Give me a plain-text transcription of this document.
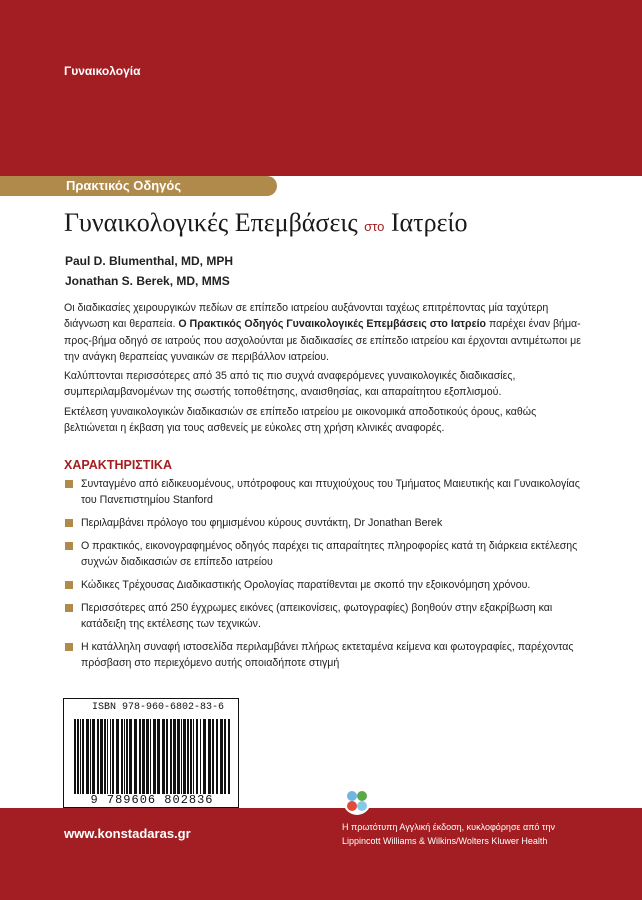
Γυναικολογία
Πρακτικός Οδηγός
Γυναικολογικές Επεμβάσεις στο Ιατρείο
Paul D. Blumenthal, MD, MPH
Jonathan S. Berek, MD, MMS

Οι διαδικασίες χειρουργικών πεδίων σε επίπεδο ιατρείου αυξάνονται ταχέως επιτρέποντας μία ταχύτερη διάγνωση και θεραπεία. Ο Πρακτικός Οδηγός Γυναικολογικές Επεμβάσεις στο Ιατρείο παρέχει έναν βήμα-προς-βήμα οδηγό σε ιατρούς που ασχολούνται με διαδικασίες σε επίπεδο ιατρείου και έρχονται αντιμέτωποι με την ανάγκη θεραπείας γυναικών σε περιβάλλον ιατρείου.

Καλύπτονται περισσότερες από 35 από τις πιο συχνά αναφερόμενες γυναικολογικές διαδικασίες, συμπεριλαμβανομένων της σωστής τοποθέτησης, αναισθησίας, και απαραίτητου εξοπλισμού.

Εκτέλεση γυναικολογικών διαδικασιών σε επίπεδο ιατρείου με οικονομικά αποδοτικούς όρους, καθώς βελτιώνεται η έκβαση για τους ασθενείς με εύκολες στη χρήση κλινικές αναφορές.

ΧΑΡΑΚΤΗΡΙΣΤΙΚΑ
Συνταγμένο από ειδικευομένους, υπότροφους και πτυχιούχους του Τμήματος Μαιευτικής και Γυναικολογίας του Πανεπιστημίου Stanford
Περιλαμβάνει πρόλογο του φημισμένου κύρους συντάκτη, Dr Jonathan Berek
Ο πρακτικός, εικονογραφημένος οδηγός παρέχει τις απαραίτητες πληροφορίες κατά τη διάρκεια εκτέλεσης συχνών διαδικασιών σε επίπεδο ιατρείου
Κώδικες Τρέχουσας Διαδικαστικής Ορολογίας παρατίθενται με σκοπό την εξοικονόμηση χρόνου.
Περισσότερες από 250 έγχρωμες εικόνες (απεικονίσεις, φωτογραφίες) βοηθούν στην εξακρίβωση και κατάδειξη της εκτέλεσης των τεχνικών.
Η κατάλληλη συναφή ιστοσελίδα περιλαμβάνει πλήρως εκτεταμένα κείμενα και φωτογραφίες, παρέχοντας πρόσβαση στο περιεχόμενο αυτής οποιαδήποτε στιγμή
ISBN 978-960-6802-83-6
9 789606 802836
www.konstadaras.gr
Wolters Kluwer
Η πρωτότυπη Αγγλική έκδοση, κυκλοφόρησε από την
Lippincott Williams & Wilkins/Wolters Kluwer Health
